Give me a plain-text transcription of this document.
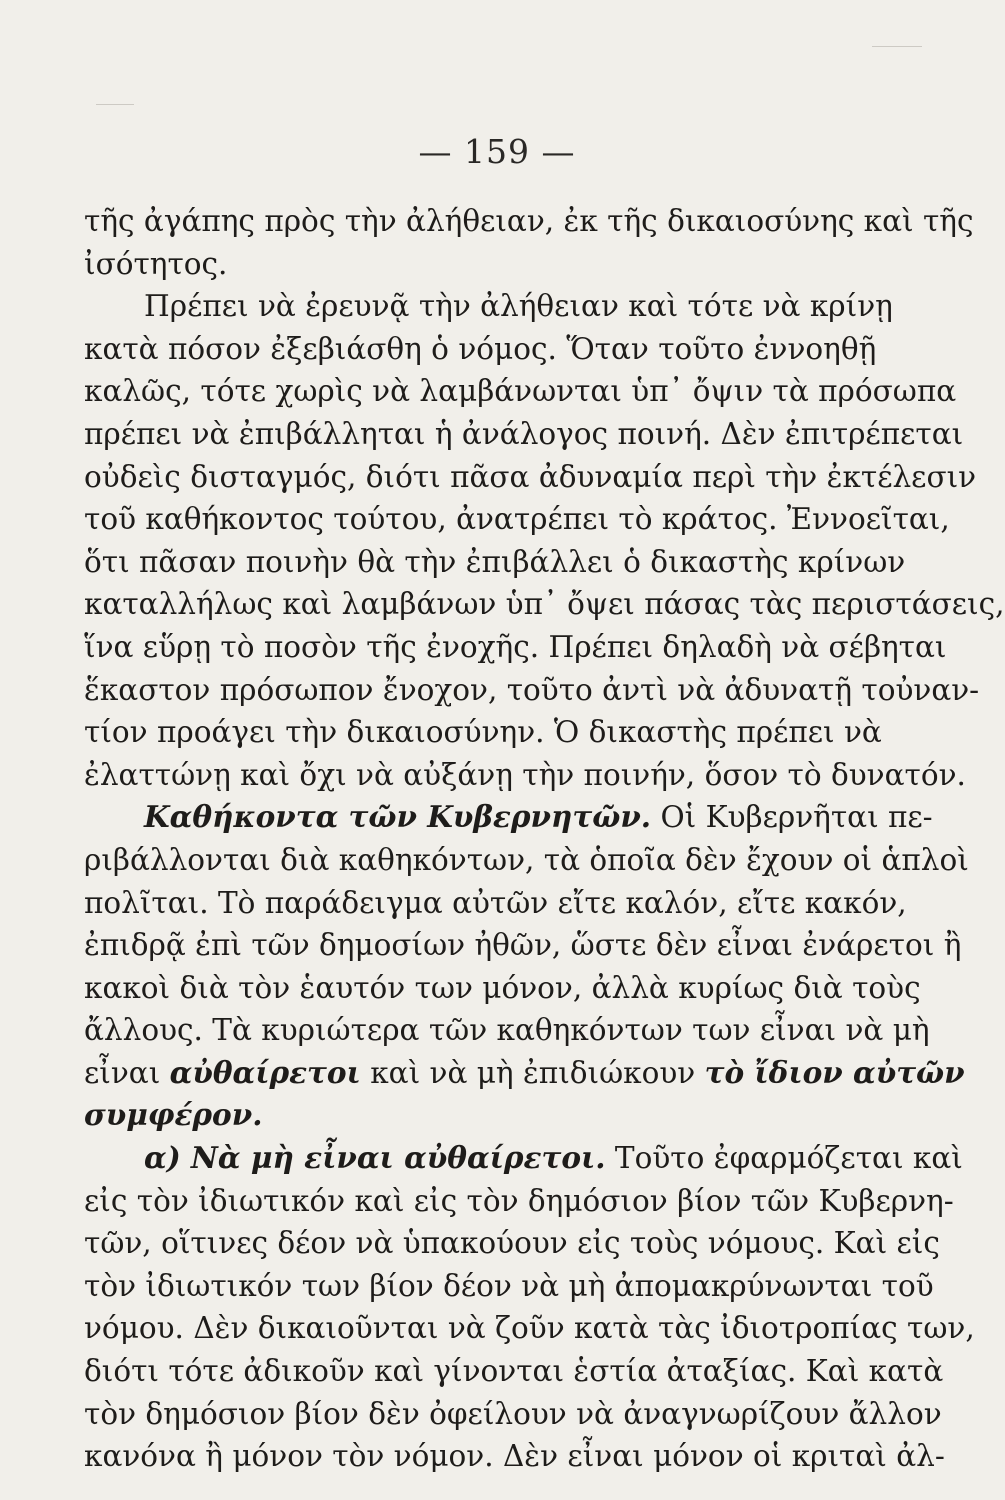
— 159 —
τῆς ἀγάπης πρὸς τὴν ἀλήθειαν, ἐκ τῆς δικαιοσύνης καὶ τῆς
ἰσότητος.
Πρέπει νὰ ἐρευνᾷ τὴν ἀλήθειαν καὶ τότε νὰ κρίνῃ
κατὰ πόσον ἐξεβιάσθη ὁ νόμος. Ὅταν τοῦτο ἐννοηθῇ
καλῶς, τότε χωρὶς νὰ λαμβάνωνται ὑπ᾽ ὄψιν τὰ πρόσωπα
πρέπει νὰ ἐπιβάλληται ἡ ἀνάλογος ποινή. Δὲν ἐπιτρέπεται
οὐδεὶς δισταγμός, διότι πᾶσα ἀδυναμία περὶ τὴν ἐκτέλεσιν
τοῦ καθήκοντος τούτου, ἀνατρέπει τὸ κράτος. Ἐννοεῖται,
ὅτι πᾶσαν ποινὴν θὰ τὴν ἐπιβάλλει ὁ δικαστὴς κρίνων
καταλλήλως καὶ λαμβάνων ὑπ᾽ ὄψει πάσας τὰς περιστάσεις,
ἵνα εὕρῃ τὸ ποσὸν τῆς ἐνοχῆς. Πρέπει δηλαδὴ νὰ σέβηται
ἕκαστον πρόσωπον ἔνοχον, τοῦτο ἀντὶ νὰ ἀδυνατῇ τοὐναν-
τίον προάγει τὴν δικαιοσύνην. Ὁ δικαστὴς πρέπει νὰ
ἐλαττώνῃ καὶ ὄχι νὰ αὐξάνῃ τὴν ποινήν, ὅσον τὸ δυνατόν.
Καθήκοντα τῶν Κυβερνητῶν. Οἱ Κυβερνῆται πε-
ριβάλλονται διὰ καθηκόντων, τὰ ὁποῖα δὲν ἔχουν οἱ ἁπλοὶ
πολῖται. Τὸ παράδειγμα αὐτῶν εἴτε καλόν, εἴτε κακόν,
ἐπιδρᾷ ἐπὶ τῶν δημοσίων ἠθῶν, ὥστε δὲν εἶναι ἐνάρετοι ἢ
κακοὶ διὰ τὸν ἑαυτόν των μόνον, ἀλλὰ κυρίως διὰ τοὺς
ἄλλους. Τὰ κυριώτερα τῶν καθηκόντων των εἶναι νὰ μὴ
εἶναι αὐθαίρετοι καὶ νὰ μὴ ἐπιδιώκουν τὸ ἴδιον αὐτῶν
συμφέρον.
α) Νὰ μὴ εἶναι αὐθαίρετοι. Τοῦτο ἐφαρμόζεται καὶ
εἰς τὸν ἰδιωτικόν καὶ εἰς τὸν δημόσιον βίον τῶν Κυβερνη-
τῶν, οἵτινες δέον νὰ ὑπακούουν εἰς τοὺς νόμους. Καὶ εἰς
τὸν ἰδιωτικόν των βίον δέον νὰ μὴ ἀπομακρύνωνται τοῦ
νόμου. Δὲν δικαιοῦνται νὰ ζοῦν κατὰ τὰς ἰδιοτροπίας των,
διότι τότε ἀδικοῦν καὶ γίνονται ἑστία ἀταξίας. Καὶ κατὰ
τὸν δημόσιον βίον δὲν ὀφείλουν νὰ ἀναγνωρίζουν ἄλλον
κανόνα ἢ μόνον τὸν νόμον. Δὲν εἶναι μόνον οἱ κριταὶ ἀλ-
